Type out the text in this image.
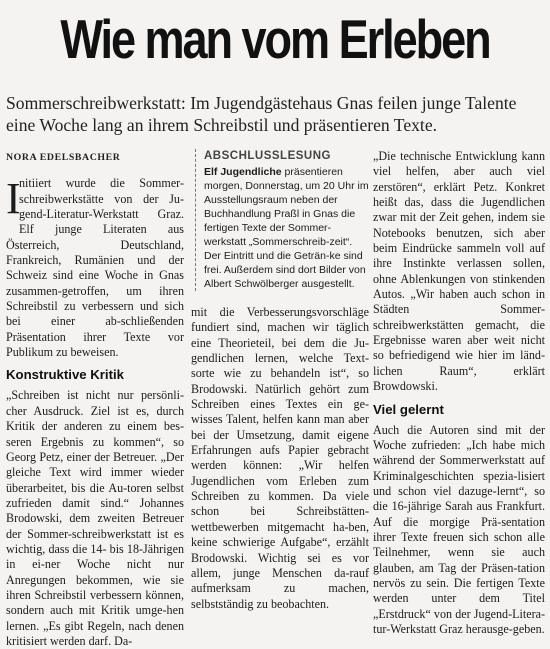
Wie man vom Erleben
Sommerschreibwerkstatt: Im Jugendgästehaus Gnas feilen junge Talente eine Woche lang an ihrem Schreibstil und präsentieren Texte.
NORA EDELSBACHER
I

nitiiert wurde die Sommer-schreibwerkstätte von der Ju-gend-Literatur-Werkstatt Graz. Elf junge Literaten aus Österreich, Deutschland, Frankreich, Rumänien und der Schweiz sind eine Woche in Gnas zusammen-getroffen, um ihren Schreibstil zu verbessern und sich bei einer ab-schließenden Präsentation ihrer Texte vor Publikum zu beweisen.

Konstruktive Kritik

„Schreiben ist nicht nur persönli-cher Ausdruck. Ziel ist es, durch Kritik der anderen zu einem bes-seren Ergebnis zu kommen“, so Georg Petz, einer der Betreuer. „Der gleiche Text wird immer wieder überarbeitet, bis die Au-toren selbst zufrieden damit sind.“ Johannes Brodowski, dem zweiten Betreuer der Sommer-schreibwerkstatt ist es wichtig, dass die 14- bis 18-Jährigen in ei-ner Woche nicht nur Anregungen bekommen, wie sie ihren Schreibstil verbessern können, sondern auch mit Kritik umge-hen lernen. „Es gibt Regeln, nach denen kritisiert werden darf. Da-

ABSCHLUSSLESUNG
Elf Jugendliche präsentieren morgen, Donnerstag, um 20 Uhr im Ausstellungsraum neben der Buchhandlung Praßl in Gnas die fertigen Texte der Sommer-werkstatt „Sommerschreib-zeit“. Der Eintritt und die Geträn-ke sind frei. Außerdem sind dort Bilder von Albert Schwölberger ausgestellt.

mit die Verbesserungsvorschläge fundiert sind, machen wir täglich eine Theorieteil, bei dem die Ju-gendlichen lernen, welche Text-sorte wie zu behandeln ist“, so Brodowski. Natürlich gehört zum Schreiben eines Textes ein ge-wisses Talent, helfen kann man aber bei der Umsetzung, damit eigene Erfahrungen aufs Papier gebracht werden können: „Wir helfen Jugendlichen vom Erleben zum Schreiben zu kommen. Da viele schon bei Schreibstätten-wettbewerben mitgemacht ha-ben, keine schwierige Aufgabe“, erzählt Brodowski. Wichtig sei es vor allem, junge Menschen da-rauf aufmerksam zu machen, selbstständig zu beobachten.

„Die technische Entwicklung kann viel helfen, aber auch viel zerstören“, erklärt Petz. Konkret heißt das, dass die Jugendlichen zwar mit der Zeit gehen, indem sie Notebooks benutzen, sich aber beim Eindrücke sammeln voll auf ihre Instinkte verlassen sollen, ohne Ablenkungen von stinkenden Autos. „Wir haben auch schon in Städten Sommer-schreibwerkstätten gemacht, die Ergebnisse waren aber weit nicht so befriedigend wie hier im länd-lichen Raum“, erklärt Browdowski.

Viel gelernt

Auch die Autoren sind mit der Woche zufrieden: „Ich habe mich während der Sommerwerkstatt auf Kriminalgeschichten spezia-lisiert und schon viel dazuge-lernt“, so die 16-jährige Sarah aus Frankfurt. Auf die morgige Prä-sentation ihrer Texte freuen sich schon alle Teilnehmer, wenn sie auch glauben, am Tag der Präsen-tation nervös zu sein. Die fertigen Texte werden unter dem Titel „Erstdruck“ von der Jugend-Litera-tur-Werkstatt Graz herausge-geben.
